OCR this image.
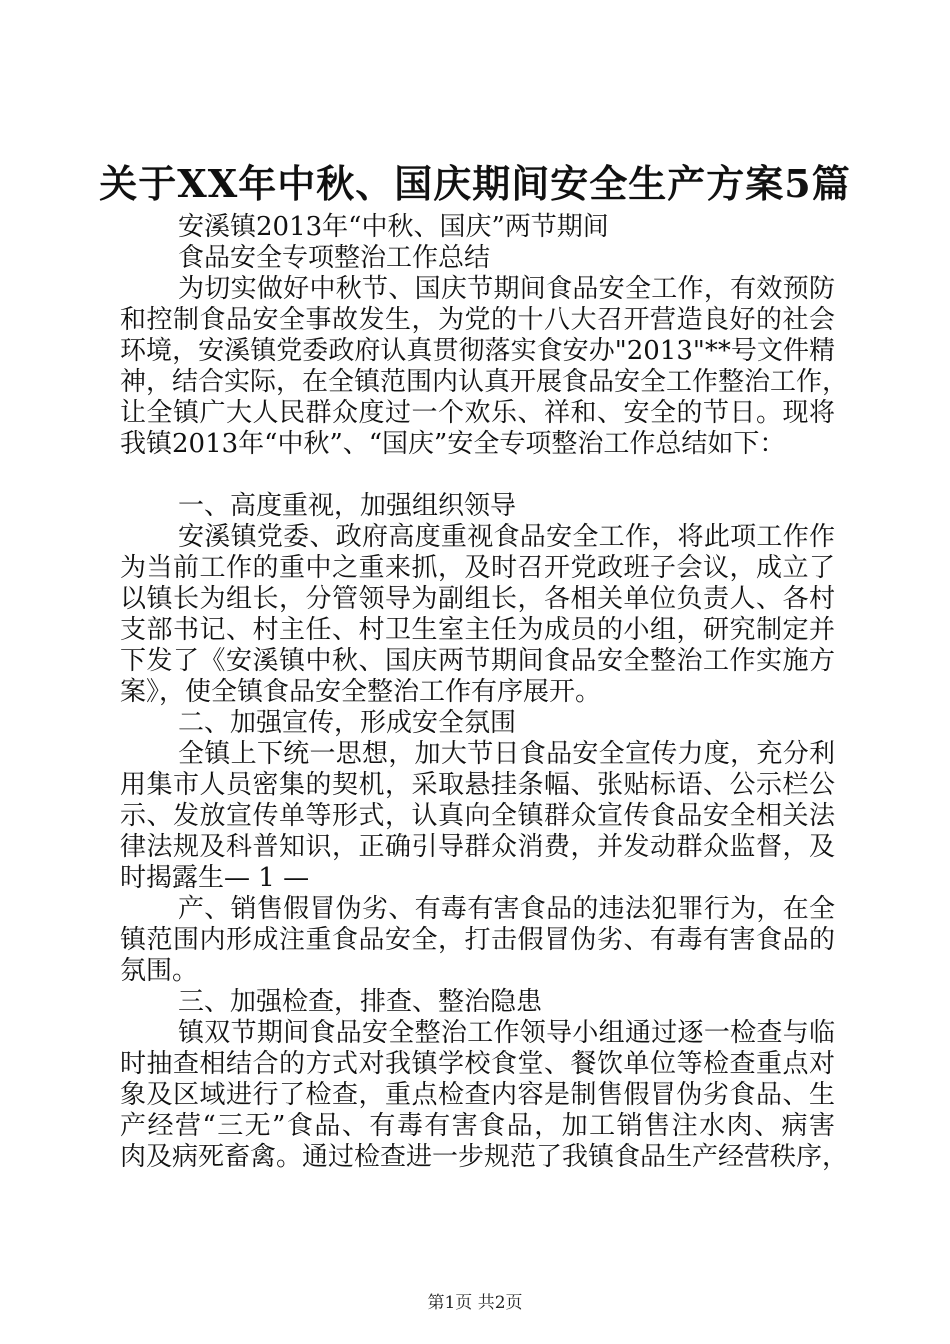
关于XX年中秋、国庆期间安全生产方案5篇
安溪镇2013年“中秋、国庆”两节期间
食品安全专项整治工作总结
为切实做好中秋节、国庆节期间食品安全工作，有效预防
和控制食品安全事故发生，为党的十八大召开营造良好的社会
环境，安溪镇党委政府认真贯彻落实食安办"2013"**号文件精
神，结合实际，在全镇范围内认真开展食品安全工作整治工作，
让全镇广大人民群众度过一个欢乐、祥和、安全的节日。现将
我镇2013年“中秋”、“国庆”安全专项整治工作总结如下：
一、高度重视，加强组织领导
安溪镇党委、政府高度重视食品安全工作，将此项工作作
为当前工作的重中之重来抓，及时召开党政班子会议，成立了
以镇长为组长，分管领导为副组长，各相关单位负责人、各村
支部书记、村主任、村卫生室主任为成员的小组，研究制定并
下发了《安溪镇中秋、国庆两节期间食品安全整治工作实施方
案》，使全镇食品安全整治工作有序展开。
二、加强宣传，形成安全氛围
全镇上下统一思想，加大节日食品安全宣传力度，充分利
用集市人员密集的契机，采取悬挂条幅、张贴标语、公示栏公
示、发放宣传单等形式，认真向全镇群众宣传食品安全相关法
律法规及科普知识，正确引导群众消费，并发动群众监督，及
时揭露生— 1 —
产、销售假冒伪劣、有毒有害食品的违法犯罪行为，在全
镇范围内形成注重食品安全，打击假冒伪劣、有毒有害食品的
氛围。
三、加强检查，排查、整治隐患
镇双节期间食品安全整治工作领导小组通过逐一检查与临
时抽查相结合的方式对我镇学校食堂、餐饮单位等检查重点对
象及区域进行了检查，重点检查内容是制售假冒伪劣食品、生
产经营“三无”食品、有毒有害食品，加工销售注水肉、病害
肉及病死畜禽。通过检查进一步规范了我镇食品生产经营秩序，
第1页 共2页
